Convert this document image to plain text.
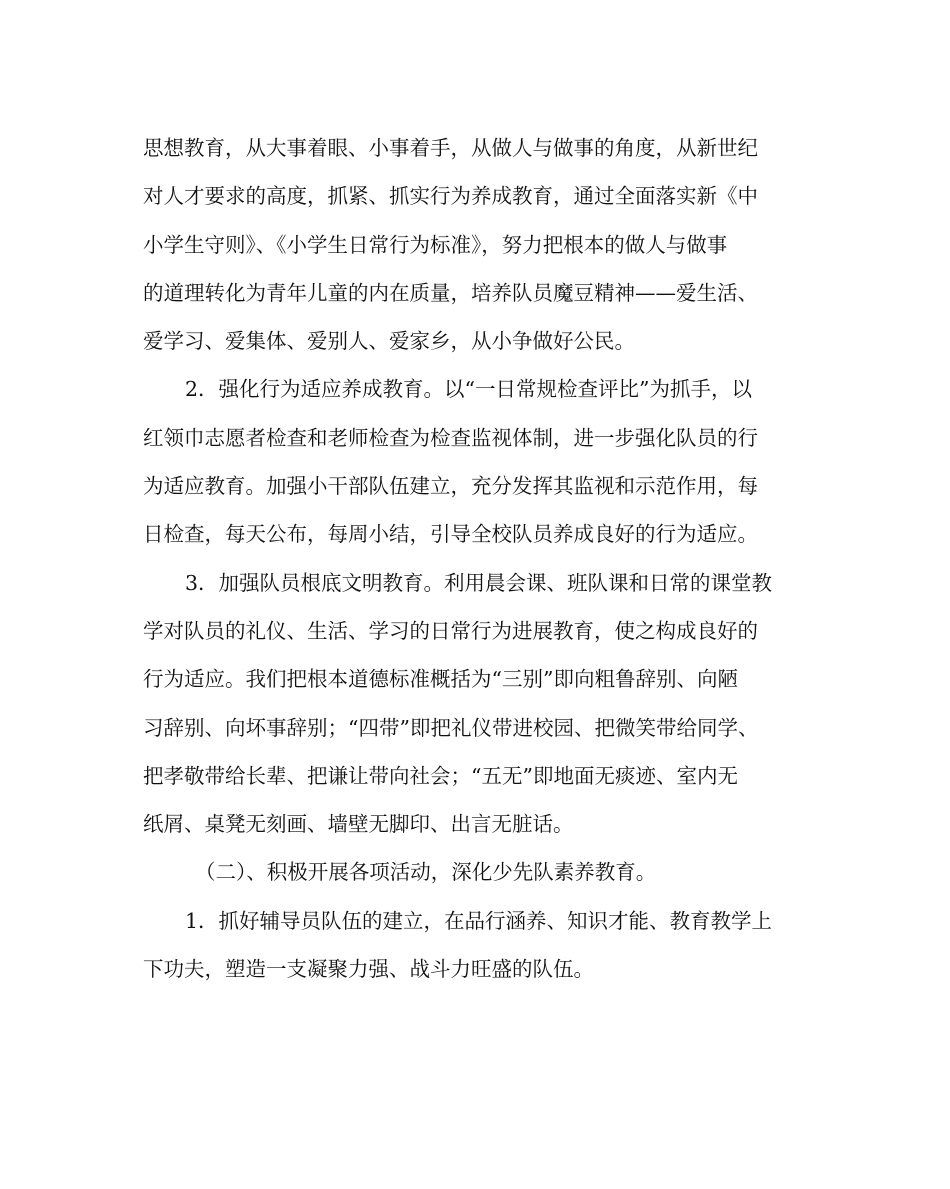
思想教育，从大事着眼、小事着手，从做人与做事的角度，从新世纪
对人才要求的高度，抓紧、抓实行为养成教育，通过全面落实新《中
小学生守则》、《小学生日常行为标准》，努力把根本的做人与做事
的道理转化为青年儿童的内在质量，培养队员魔豆精神——爱生活、
爱学习、爱集体、爱别人、爱家乡，从小争做好公民。
2．强化行为适应养成教育。以“一日常规检查评比”为抓手，以
红领巾志愿者检查和老师检查为检查监视体制，进一步强化队员的行
为适应教育。加强小干部队伍建立，充分发挥其监视和示范作用，每
日检查，每天公布，每周小结，引导全校队员养成良好的行为适应。
3．加强队员根底文明教育。利用晨会课、班队课和日常的课堂教
学对队员的礼仪、生活、学习的日常行为进展教育，使之构成良好的
行为适应。我们把根本道德标准概括为“三别”即向粗鲁辞别、向陋
习辞别、向坏事辞别；“四带”即把礼仪带进校园、把微笑带给同学、
把孝敬带给长辈、把谦让带向社会；“五无”即地面无痰迹、室内无
纸屑、桌凳无刻画、墙壁无脚印、出言无脏话。
（二）、积极开展各项活动，深化少先队素养教育。
1．抓好辅导员队伍的建立，在品行涵养、知识才能、教育教学上
下功夫，塑造一支凝聚力强、战斗力旺盛的队伍。
